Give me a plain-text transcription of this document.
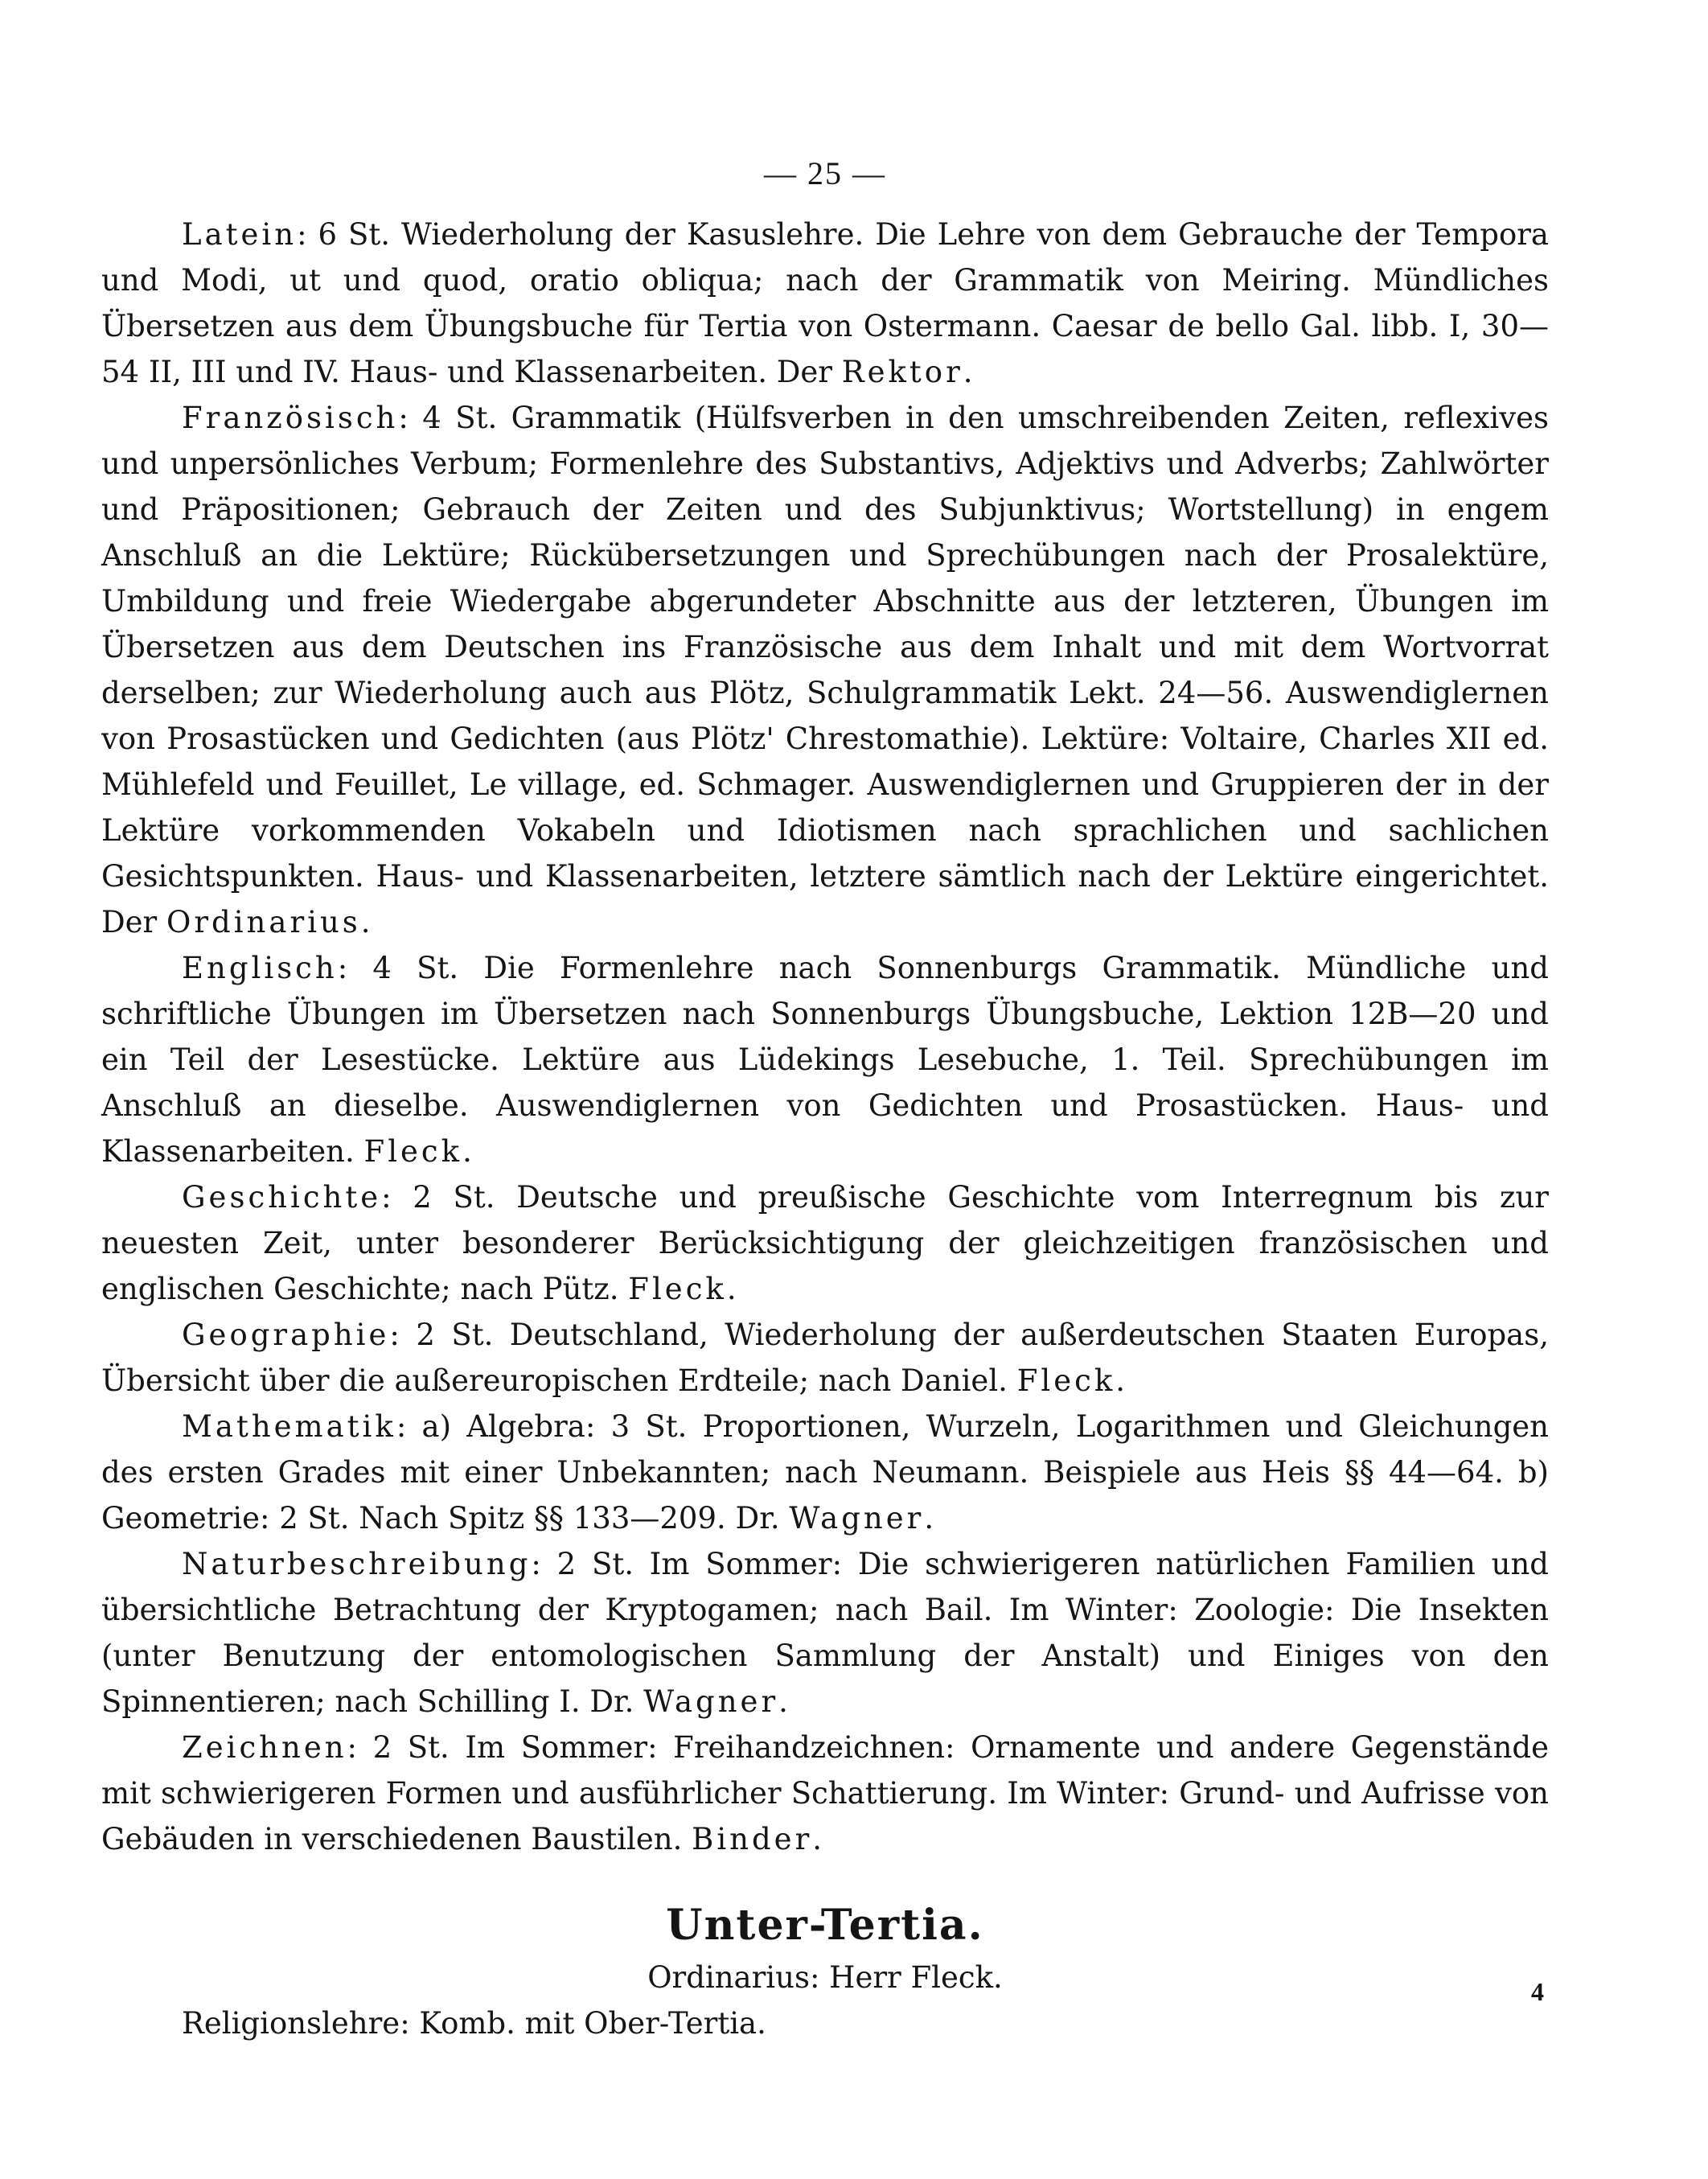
— 25 —

Latein: 6 St. Wiederholung der Kasuslehre. Die Lehre von dem Gebrauche der Tempora und Modi, ut und quod, oratio obliqua; nach der Grammatik von Meiring. Mündliches Übersetzen aus dem Übungsbuche für Tertia von Ostermann. Caesar de bello Gal. libb. I, 30—54 II, III und IV. Haus- und Klassenarbeiten. Der Rektor.

Französisch: 4 St. Grammatik (Hülfsverben in den umschreibenden Zeiten, reflexives und unpersönliches Verbum; Formenlehre des Substantivs, Adjektivs und Adverbs; Zahlwörter und Präpositionen; Gebrauch der Zeiten und des Subjunktivus; Wortstellung) in engem Anschluß an die Lektüre; Rückübersetzungen und Sprechübungen nach der Prosalektüre, Umbildung und freie Wiedergabe abgerundeter Abschnitte aus der letzteren, Übungen im Übersetzen aus dem Deutschen ins Französische aus dem Inhalt und mit dem Wortvorrat derselben; zur Wiederholung auch aus Plötz, Schulgrammatik Lekt. 24—56. Auswendiglernen von Prosastücken und Gedichten (aus Plötz' Chrestomathie). Lektüre: Voltaire, Charles XII ed. Mühlefeld und Feuillet, Le village, ed. Schmager. Auswendiglernen und Gruppieren der in der Lektüre vorkommenden Vokabeln und Idiotismen nach sprachlichen und sachlichen Gesichtspunkten. Haus- und Klassenarbeiten, letztere sämtlich nach der Lektüre eingerichtet. Der Ordinarius.

Englisch: 4 St. Die Formenlehre nach Sonnenburgs Grammatik. Mündliche und schriftliche Übungen im Übersetzen nach Sonnenburgs Übungsbuche, Lektion 12B—20 und ein Teil der Lesestücke. Lektüre aus Lüdekings Lesebuche, 1. Teil. Sprechübungen im Anschluß an dieselbe. Auswendiglernen von Gedichten und Prosastücken. Haus- und Klassenarbeiten. Fleck.

Geschichte: 2 St. Deutsche und preußische Geschichte vom Interregnum bis zur neuesten Zeit, unter besonderer Berücksichtigung der gleichzeitigen französischen und englischen Geschichte; nach Pütz. Fleck.

Geographie: 2 St. Deutschland, Wiederholung der außerdeutschen Staaten Europas, Übersicht über die außereuropischen Erdteile; nach Daniel. Fleck.

Mathematik: a) Algebra: 3 St. Proportionen, Wurzeln, Logarithmen und Gleichungen des ersten Grades mit einer Unbekannten; nach Neumann. Beispiele aus Heis §§ 44—64. b) Geometrie: 2 St. Nach Spitz §§ 133—209. Dr. Wagner.

Naturbeschreibung: 2 St. Im Sommer: Die schwierigeren natürlichen Familien und übersichtliche Betrachtung der Kryptogamen; nach Bail. Im Winter: Zoologie: Die Insekten (unter Benutzung der entomologischen Sammlung der Anstalt) und Einiges von den Spinnentieren; nach Schilling I. Dr. Wagner.

Zeichnen: 2 St. Im Sommer: Freihandzeichnen: Ornamente und andere Gegenstände mit schwierigeren Formen und ausführlicher Schattierung. Im Winter: Grund- und Aufrisse von Gebäuden in verschiedenen Baustilen. Binder.

Unter-Tertia.

Ordinarius: Herr Fleck.

Religionslehre: Komb. mit Ober-Tertia.

4
